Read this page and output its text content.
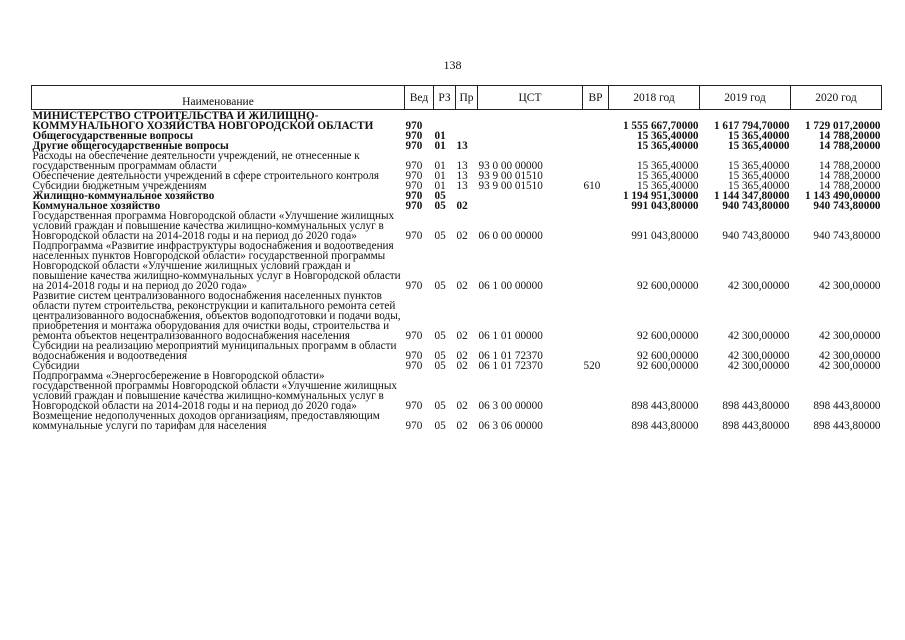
138
Наименование	Вед	РЗ	Пр	ЦСТ	ВР	2018 год	2019 год	2020 год
МИНИСТЕРСТВО СТРОИТЕЛЬСТВА И ЖИЛИЩНО-КОММУНАЛЬНОГО ХОЗЯЙСТВА НОВГОРОДСКОЙ ОБЛАСТИ	970					1 555 667,70000	1 617 794,70000	1 729 017,20000
Общегосударственные вопросы	970	01				15 365,40000	15 365,40000	14 788,20000
Другие общегосударственные вопросы	970	01	13			15 365,40000	15 365,40000	14 788,20000
Расходы на обеспечение деятельности учреждений, не отнесенные к государственным программам области	970	01	13	93 0 00 00000		15 365,40000	15 365,40000	14 788,20000
Обеспечение деятельности учреждений в сфере строительного контроля	970	01	13	93 9 00 01510		15 365,40000	15 365,40000	14 788,20000
Субсидии бюджетным учреждениям	970	01	13	93 9 00 01510	610	15 365,40000	15 365,40000	14 788,20000
Жилищно-коммунальное хозяйство	970	05				1 194 951,30000	1 144 347,80000	1 143 490,00000
Коммунальное хозяйство	970	05	02			991 043,80000	940 743,80000	940 743,80000
Государственная программа Новгородской области «Улучшение жилищных условий граждан и повышение качества жилищно-коммунальных услуг в Новгородской области на 2014-2018 годы и на период до 2020 года»	970	05	02	06 0 00 00000		991 043,80000	940 743,80000	940 743,80000
Подпрограмма «Развитие инфраструктуры водоснабжения и водоотведения населенных пунктов Новгородской области» государственной программы Новгородской области «Улучшение жилищных условий граждан и повышение качества жилищно-коммунальных услуг в Новгородской области на 2014-2018 годы и на период до 2020 года»	970	05	02	06 1 00 00000		92 600,00000	42 300,00000	42 300,00000
Развитие систем централизованного водоснабжения населенных пунктов области путем строительства, реконструкции и капитального ремонта сетей централизованного водоснабжения, объектов водоподготовки и подачи воды, приобретения и монтажа оборудования для очистки воды, строительства и ремонта объектов нецентрализованного водоснабжения населения	970	05	02	06 1 01 00000		92 600,00000	42 300,00000	42 300,00000
Субсидии на реализацию мероприятий муниципальных программ в области водоснабжения и водоотведения	970	05	02	06 1 01 72370		92 600,00000	42 300,00000	42 300,00000
Субсидии	970	05	02	06 1 01 72370	520	92 600,00000	42 300,00000	42 300,00000
Подпрограмма «Энергосбережение в Новгородской области» государственной программы Новгородской области «Улучшение жилищных условий граждан и повышение качества жилищно-коммунальных услуг в Новгородской области на 2014-2018 годы и на период до 2020 года»	970	05	02	06 3 00 00000		898 443,80000	898 443,80000	898 443,80000
Возмещение недополученных доходов организациям, предоставляющим коммунальные услуги по тарифам для населения	970	05	02	06 3 06 00000		898 443,80000	898 443,80000	898 443,80000
